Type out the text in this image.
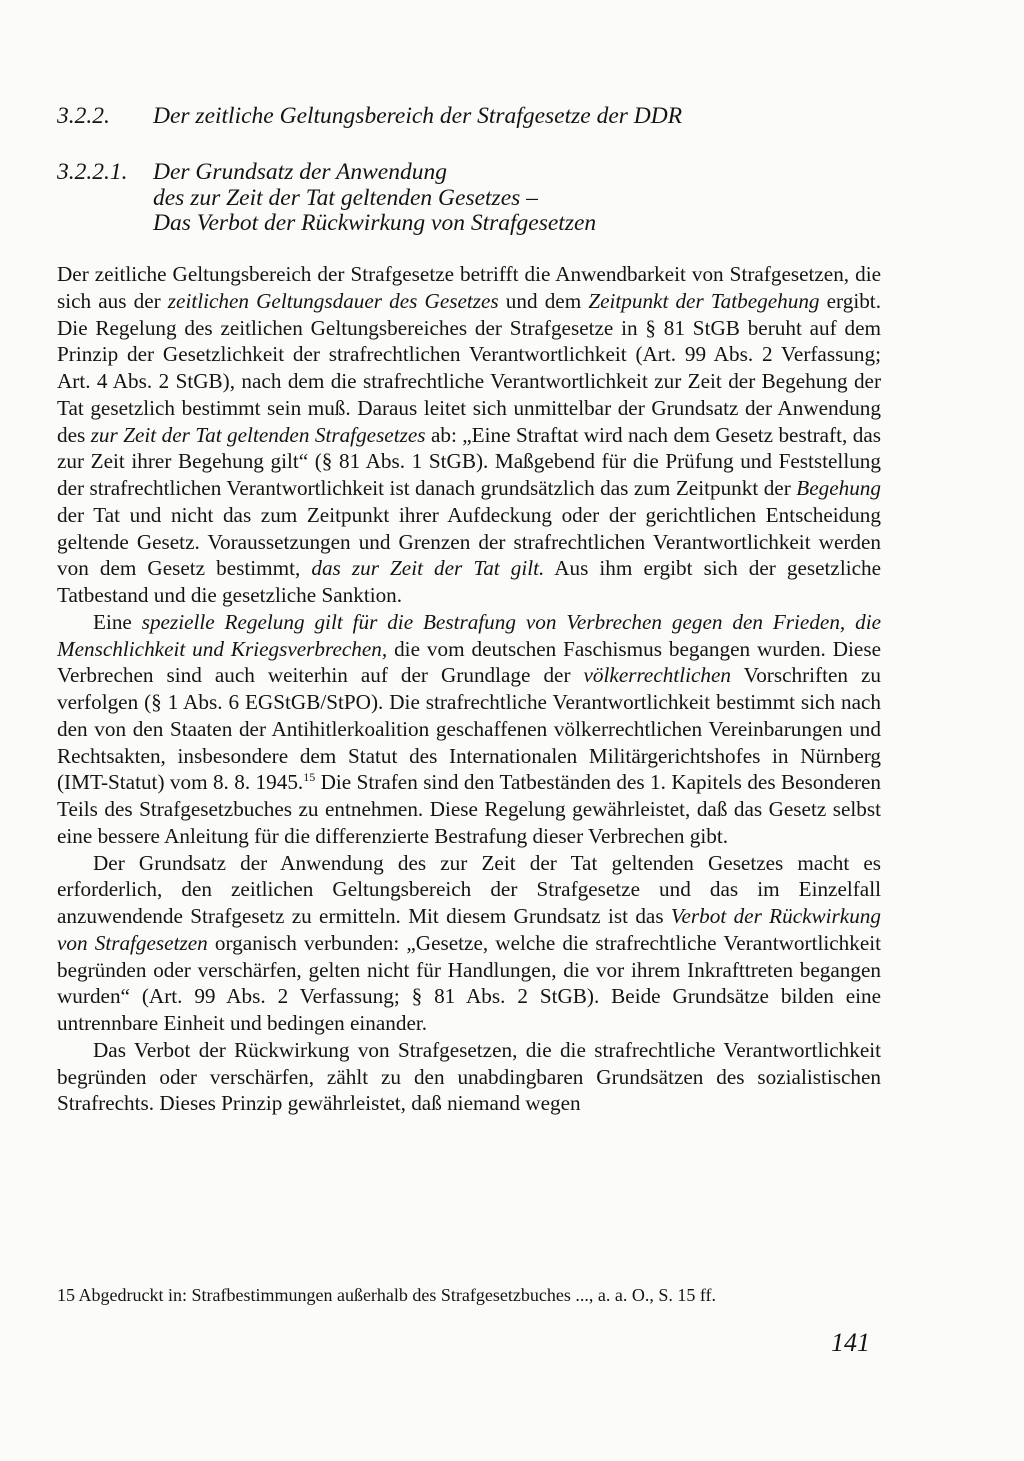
3.2.2. Der zeitliche Geltungsbereich der Strafgesetze der DDR
3.2.2.1. Der Grundsatz der Anwendung
des zur Zeit der Tat geltenden Gesetzes –
Das Verbot der Rückwirkung von Strafgesetzen

Der zeitliche Geltungsbereich der Strafgesetze betrifft die Anwendbarkeit von Strafgesetzen, die sich aus der zeitlichen Geltungsdauer des Gesetzes und dem Zeitpunkt der Tatbegehung ergibt. Die Regelung des zeitlichen Geltungsbereiches der Strafgesetze in § 81 StGB beruht auf dem Prinzip der Gesetzlichkeit der strafrechtlichen Verantwortlichkeit (Art. 99 Abs. 2 Verfassung; Art. 4 Abs. 2 StGB), nach dem die strafrechtliche Verantwortlichkeit zur Zeit der Begehung der Tat gesetzlich bestimmt sein muß. Daraus leitet sich unmittelbar der Grundsatz der Anwendung des zur Zeit der Tat geltenden Strafgesetzes ab: „Eine Straftat wird nach dem Gesetz bestraft, das zur Zeit ihrer Begehung gilt“ (§ 81 Abs. 1 StGB). Maßgebend für die Prüfung und Feststellung der strafrechtlichen Verantwortlichkeit ist danach grundsätzlich das zum Zeitpunkt der Begehung der Tat und nicht das zum Zeitpunkt ihrer Aufdeckung oder der gerichtlichen Entscheidung geltende Gesetz. Voraussetzungen und Grenzen der strafrechtlichen Verantwortlichkeit werden von dem Gesetz bestimmt, das zur Zeit der Tat gilt. Aus ihm ergibt sich der gesetzliche Tatbestand und die gesetzliche Sanktion.

Eine spezielle Regelung gilt für die Bestrafung von Verbrechen gegen den Frieden, die Menschlichkeit und Kriegsverbrechen, die vom deutschen Faschismus begangen wurden. Diese Verbrechen sind auch weiterhin auf der Grundlage der völkerrechtlichen Vorschriften zu verfolgen (§ 1 Abs. 6 EGStGB/StPO). Die strafrechtliche Verantwortlichkeit bestimmt sich nach den von den Staaten der Antihitlerkoalition geschaffenen völkerrechtlichen Vereinbarungen und Rechtsakten, insbesondere dem Statut des Internationalen Militärgerichtshofes in Nürnberg (IMT-Statut) vom 8. 8. 1945.15 Die Strafen sind den Tatbeständen des 1. Kapitels des Besonderen Teils des Strafgesetzbuches zu entnehmen. Diese Regelung gewährleistet, daß das Gesetz selbst eine bessere Anleitung für die differenzierte Bestrafung dieser Verbrechen gibt.

Der Grundsatz der Anwendung des zur Zeit der Tat geltenden Gesetzes macht es erforderlich, den zeitlichen Geltungsbereich der Strafgesetze und das im Einzelfall anzuwendende Strafgesetz zu ermitteln. Mit diesem Grundsatz ist das Verbot der Rückwirkung von Strafgesetzen organisch verbunden: „Gesetze, welche die strafrechtliche Verantwortlichkeit begründen oder verschärfen, gelten nicht für Handlungen, die vor ihrem Inkrafttreten begangen wurden“ (Art. 99 Abs. 2 Verfassung; § 81 Abs. 2 StGB). Beide Grundsätze bilden eine untrennbare Einheit und bedingen einander.

Das Verbot der Rückwirkung von Strafgesetzen, die die strafrechtliche Verantwortlichkeit begründen oder verschärfen, zählt zu den unabdingbaren Grundsätzen des sozialistischen Strafrechts. Dieses Prinzip gewährleistet, daß niemand wegen

15 Abgedruckt in: Strafbestimmungen außerhalb des Strafgesetzbuches ..., a. a. O., S. 15 ff.
141
